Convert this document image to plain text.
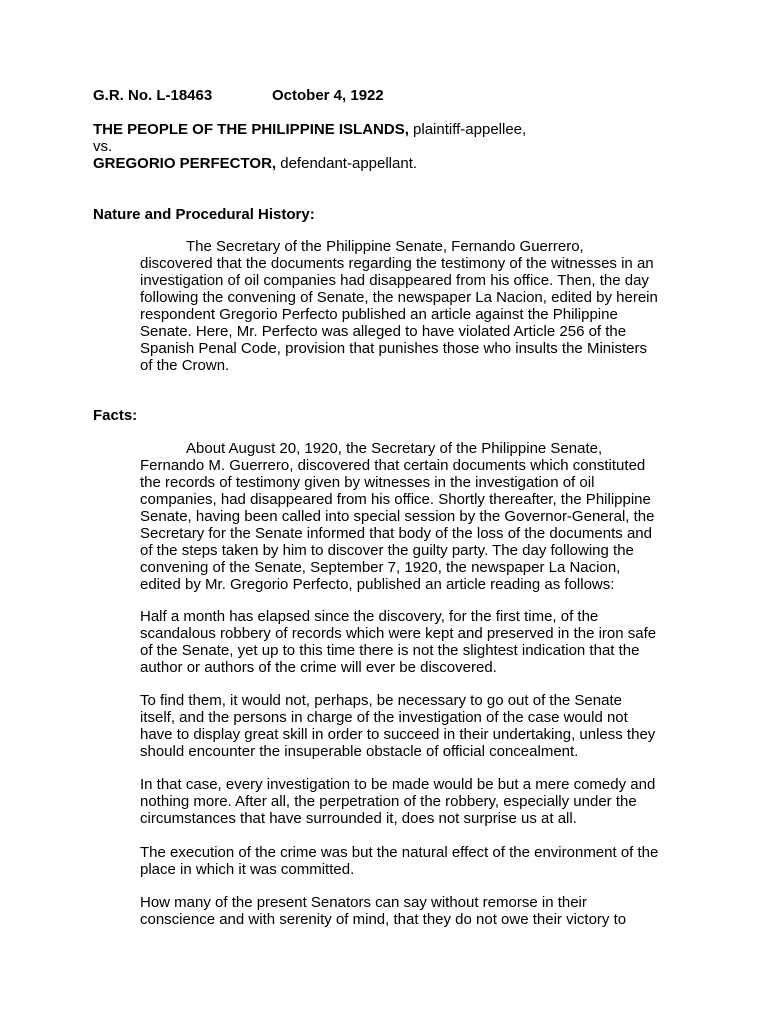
G.R. No. L-18463	October 4, 1922
THE PEOPLE OF THE PHILIPPINE ISLANDS, plaintiff-appellee,
vs.
GREGORIO PERFECTOR, defendant-appellant.
Nature and Procedural History:

The Secretary of the Philippine Senate, Fernando Guerrero,
discovered that the documents regarding the testimony of the witnesses in an
investigation of oil companies had disappeared from his office. Then, the day
following the convening of Senate, the newspaper La Nacion, edited by herein
respondent Gregorio Perfecto published an article against the Philippine
Senate. Here, Mr. Perfecto was alleged to have violated Article 256 of the
Spanish Penal Code, provision that punishes those who insults the Ministers
of the Crown.

Facts:

About August 20, 1920, the Secretary of the Philippine Senate,
Fernando M. Guerrero, discovered that certain documents which constituted
the records of testimony given by witnesses in the investigation of oil
companies, had disappeared from his office. Shortly thereafter, the Philippine
Senate, having been called into special session by the Governor-General, the
Secretary for the Senate informed that body of the loss of the documents and
of the steps taken by him to discover the guilty party. The day following the
convening of the Senate, September 7, 1920, the newspaper La Nacion,
edited by Mr. Gregorio Perfecto, published an article reading as follows:

Half a month has elapsed since the discovery, for the first time, of the
scandalous robbery of records which were kept and preserved in the iron safe
of the Senate, yet up to this time there is not the slightest indication that the
author or authors of the crime will ever be discovered.

To find them, it would not, perhaps, be necessary to go out of the Senate
itself, and the persons in charge of the investigation of the case would not
have to display great skill in order to succeed in their undertaking, unless they
should encounter the insuperable obstacle of official concealment.

In that case, every investigation to be made would be but a mere comedy and
nothing more. After all, the perpetration of the robbery, especially under the
circumstances that have surrounded it, does not surprise us at all.

The execution of the crime was but the natural effect of the environment of the
place in which it was committed.

How many of the present Senators can say without remorse in their
conscience and with serenity of mind, that they do not owe their victory to
